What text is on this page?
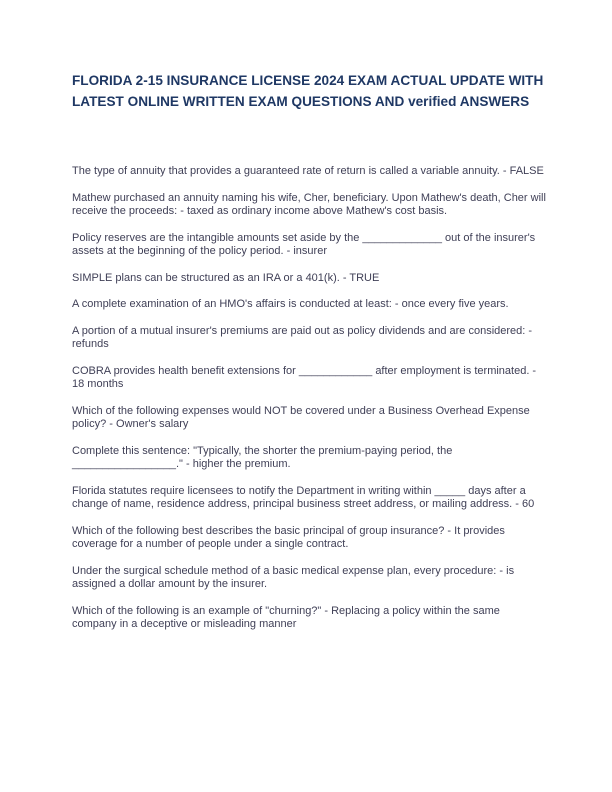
FLORIDA 2-15 INSURANCE LICENSE 2024 EXAM ACTUAL UPDATE WITH LATEST ONLINE WRITTEN EXAM QUESTIONS AND verified ANSWERS
The type of annuity that provides a guaranteed rate of return is called a variable annuity. - FALSE
Mathew purchased an annuity naming his wife, Cher, beneficiary. Upon Mathew's death, Cher will receive the proceeds: - taxed as ordinary income above Mathew's cost basis.
Policy reserves are the intangible amounts set aside by the _____________ out of the insurer's assets at the beginning of the policy period. - insurer
SIMPLE plans can be structured as an IRA or a 401(k). - TRUE
A complete examination of an HMO's affairs is conducted at least: - once every five years.
A portion of a mutual insurer's premiums are paid out as policy dividends and are considered: - refunds
COBRA provides health benefit extensions for ____________ after employment is terminated. - 18 months
Which of the following expenses would NOT be covered under a Business Overhead Expense policy? - Owner's salary
Complete this sentence: "Typically, the shorter the premium-paying period, the _________________." - higher the premium.
Florida statutes require licensees to notify the Department in writing within _____ days after a change of name, residence address, principal business street address, or mailing address. - 60
Which of the following best describes the basic principal of group insurance? - It provides coverage for a number of people under a single contract.
Under the surgical schedule method of a basic medical expense plan, every procedure: - is assigned a dollar amount by the insurer.
Which of the following is an example of "churning?" - Replacing a policy within the same company in a deceptive or misleading manner
